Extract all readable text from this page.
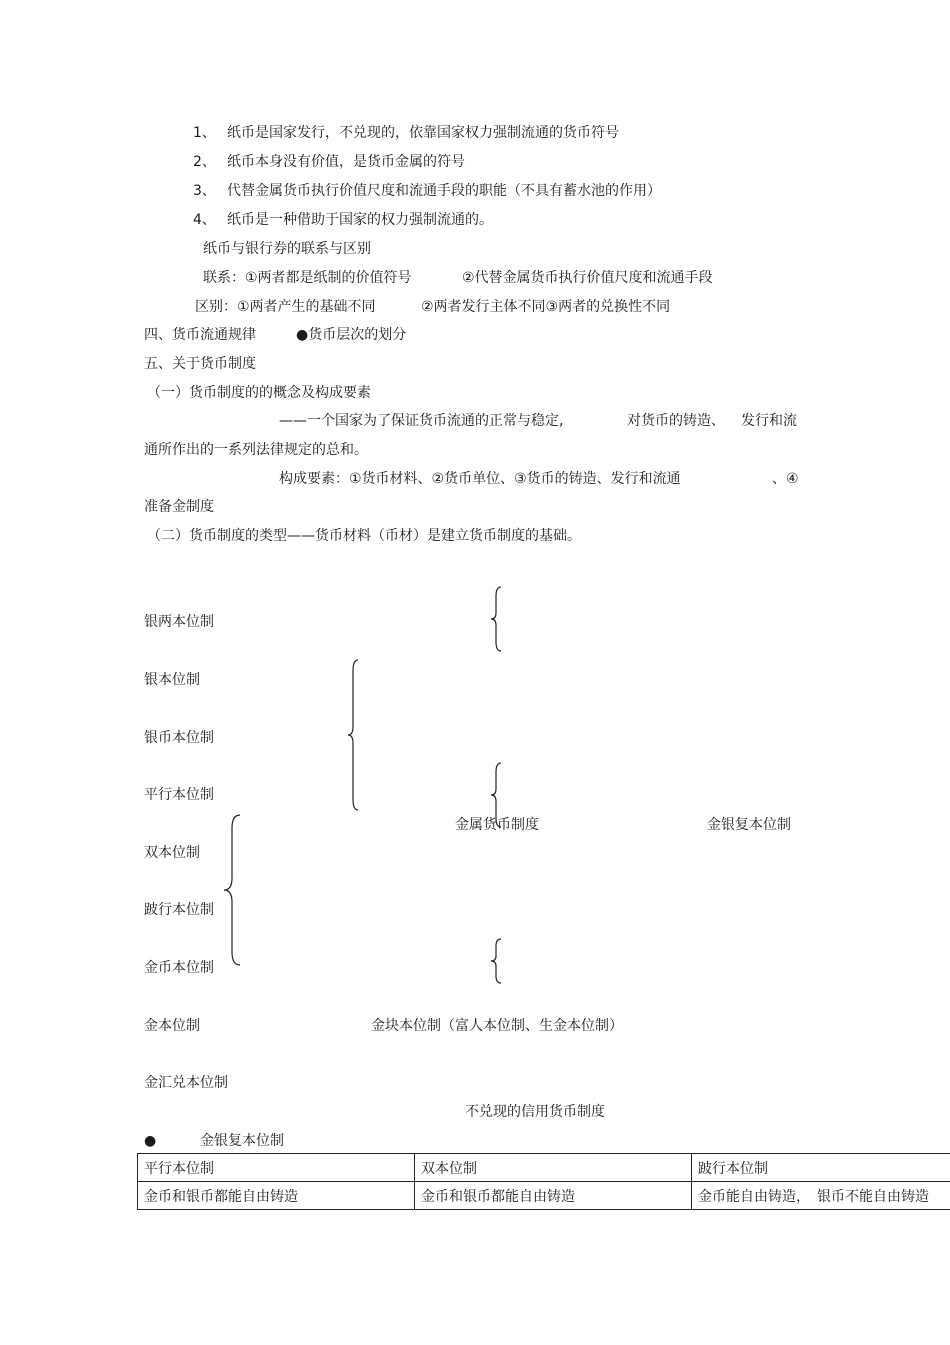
1、 纸币是国家发行，不兑现的，依靠国家权力强制流通的货币符号
2、 纸币本身没有价值，是货币金属的符号
3、 代替金属货币执行价值尺度和流通手段的职能（不具有蓄水池的作用）
4、 纸币是一种借助于国家的权力强制流通的。
纸币与银行券的联系与区别
联系：①两者都是纸制的价值符号	②代替金属货币执行价值尺度和流通手段
区别：①两者产生的基础不同	②两者发行主体不同③两者的兑换性不同
四、货币流通规律	●货币层次的划分
五、关于货币制度
（一）货币制度的的概念及构成要素
——一个国家为了保证货币流通的正常与稳定,	对货币的铸造、 发行和流
通所作出的一系列法律规定的总和。
构成要素：①货币材料、②货币单位、③货币的铸造、发行和流通	、④
准备金制度
（二）货币制度的类型——货币材料（币材）是建立货币制度的基础。
银两本位制
银本位制
银币本位制
平行本位制
双本位制
跛行本位制
金币本位制
金本位制
金汇兑本位制
金属货币制度	金银复本位制
金块本位制（富人本位制、生金本位制）
不兑现的信用货币制度
●	金银复本位制
平行本位制	双本位制	跛行本位制
金币和银币都能自由铸造	金币和银币都能自由铸造	金币能自由铸造，　银币不能自由铸造
